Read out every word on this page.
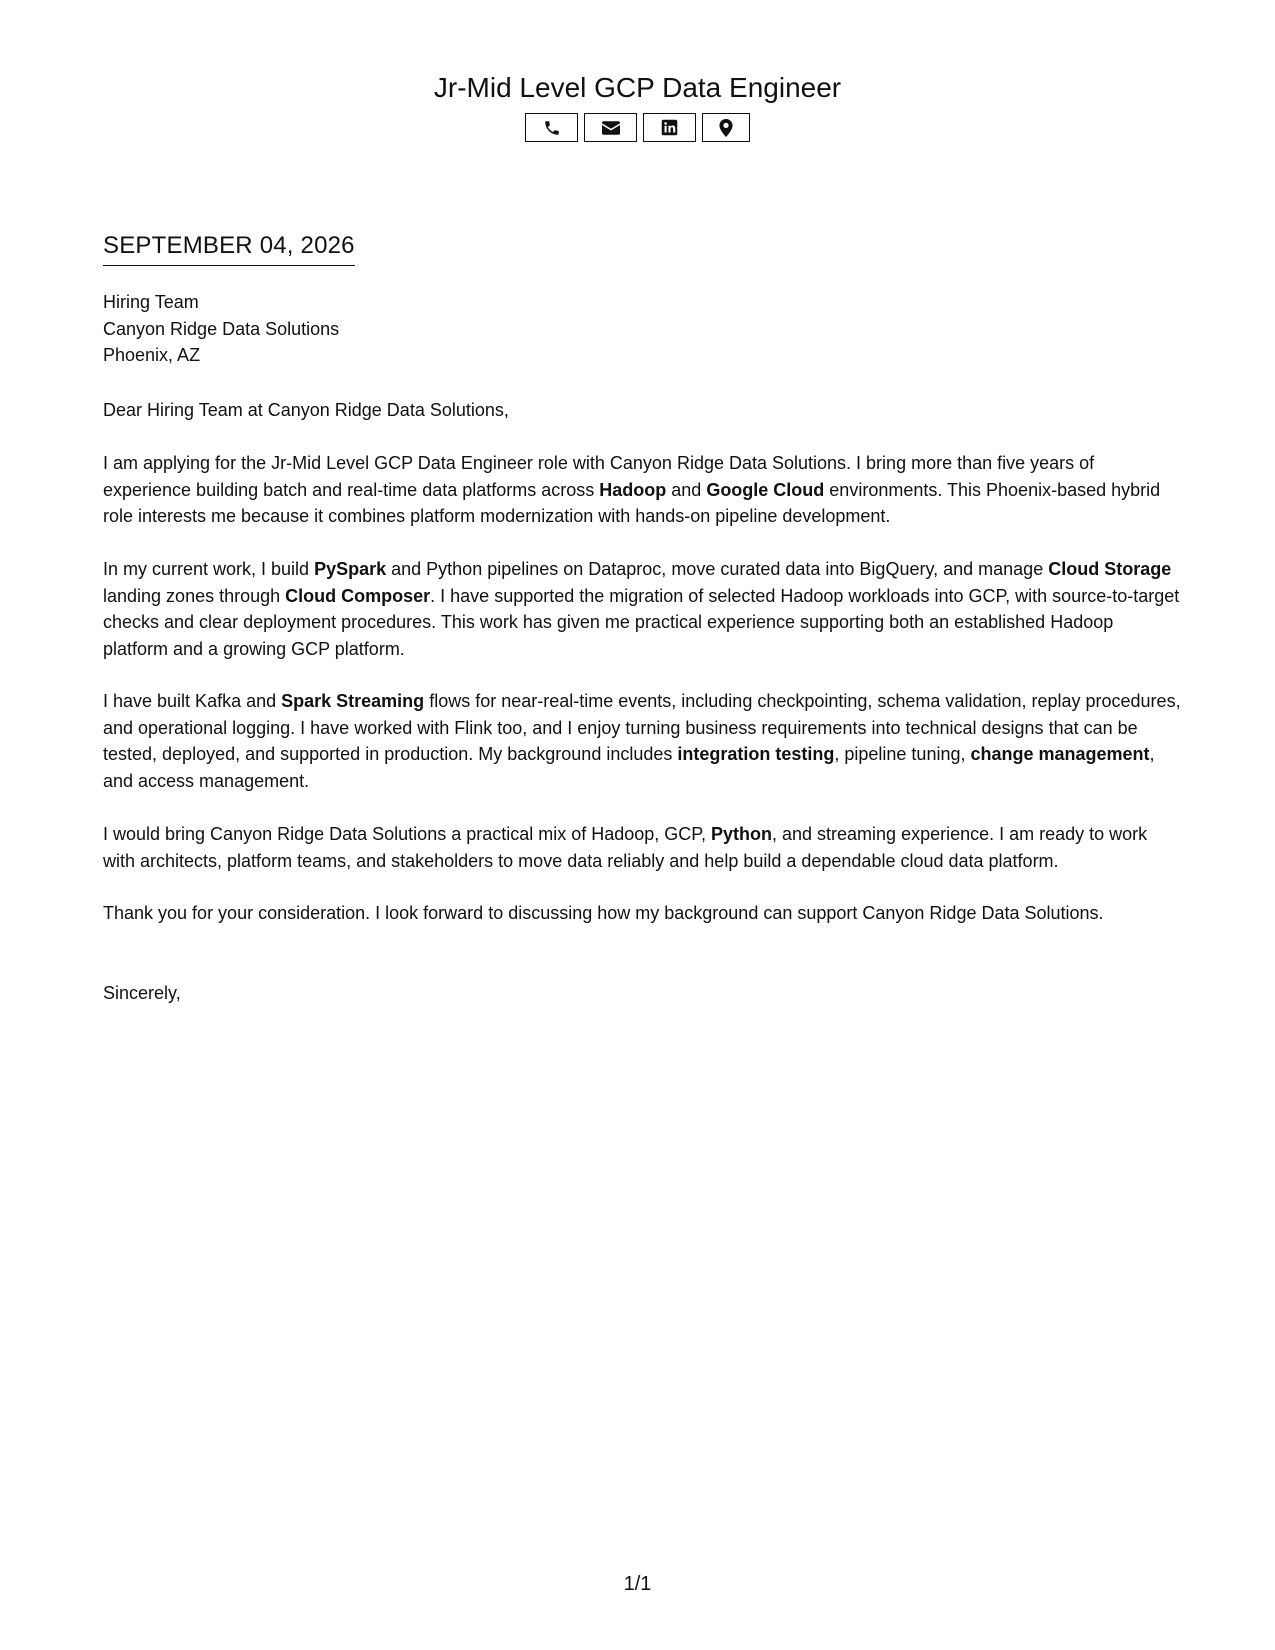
Jr-Mid Level GCP Data Engineer
SEPTEMBER 04, 2026
Hiring Team
Canyon Ridge Data Solutions
Phoenix, AZ
Dear Hiring Team at Canyon Ridge Data Solutions,
I am applying for the Jr-Mid Level GCP Data Engineer role with Canyon Ridge Data Solutions. I bring more than five years of experience building batch and real-time data platforms across Hadoop and Google Cloud environments. This Phoenix-based hybrid role interests me because it combines platform modernization with hands-on pipeline development.
In my current work, I build PySpark and Python pipelines on Dataproc, move curated data into BigQuery, and manage Cloud Storage landing zones through Cloud Composer. I have supported the migration of selected Hadoop workloads into GCP, with source-to-target checks and clear deployment procedures. This work has given me practical experience supporting both an established Hadoop platform and a growing GCP platform.
I have built Kafka and Spark Streaming flows for near-real-time events, including checkpointing, schema validation, replay procedures, and operational logging. I have worked with Flink too, and I enjoy turning business requirements into technical designs that can be tested, deployed, and supported in production. My background includes integration testing, pipeline tuning, change management, and access management.
I would bring Canyon Ridge Data Solutions a practical mix of Hadoop, GCP, Python, and streaming experience. I am ready to work with architects, platform teams, and stakeholders to move data reliably and help build a dependable cloud data platform.
Thank you for your consideration. I look forward to discussing how my background can support Canyon Ridge Data Solutions.
Sincerely,
1/1
